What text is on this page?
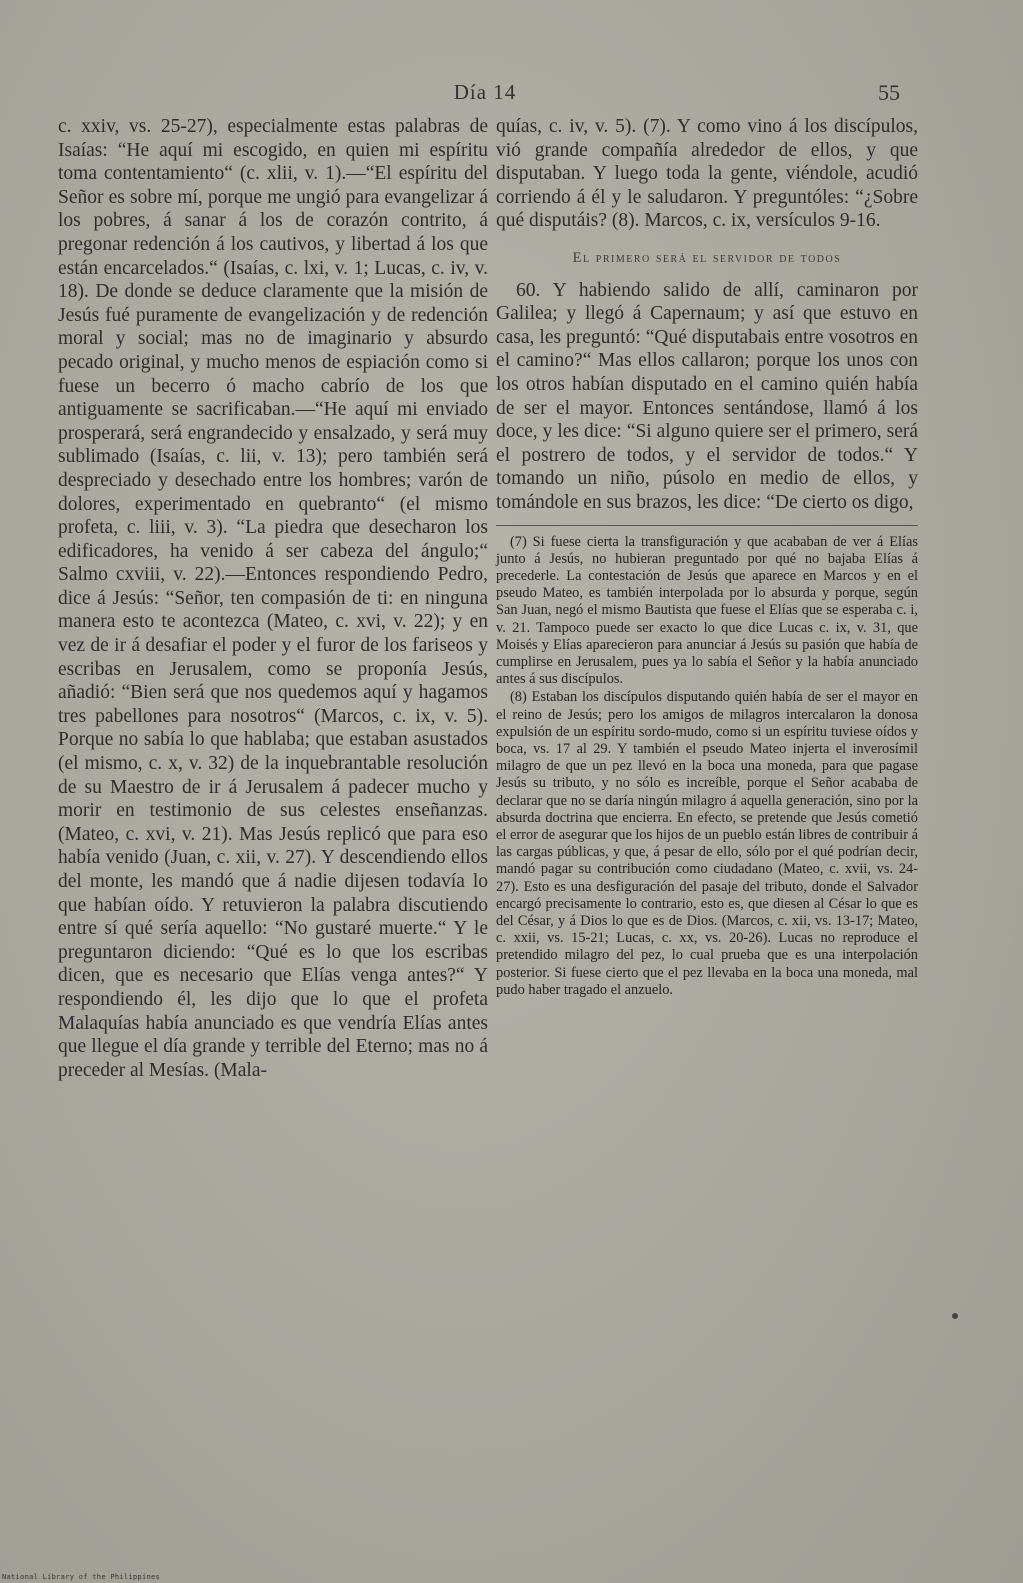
Día 14	55

c. xxiv, vs. 25-27), especialmente estas palabras de Isaías: “He aquí mi escogido, en quien mi espíritu toma contentamiento“ (c. xlii, v. 1).—“El espíritu del Señor es sobre mí, porque me ungió para evangelizar á los pobres, á sanar á los de corazón contrito, á pregonar redención á los cautivos, y libertad á los que están encarcelados.“ (Isaías, c. lxi, v. 1; Lucas, c. iv, v. 18). De donde se deduce claramente que la misión de Jesús fué puramente de evangelización y de redención moral y social; mas no de imaginario y absurdo pecado original, y mucho menos de espiación como si fuese un becerro ó macho cabrío de los que antiguamente se sacrificaban.—“He aquí mi enviado prosperará, será engrandecido y ensalzado, y será muy sublimado (Isaías, c. lii, v. 13); pero también será despreciado y desechado entre los hombres; varón de dolores, experimentado en quebranto“ (el mismo profeta, c. liii, v. 3). “La piedra que desecharon los edificadores, ha venido á ser cabeza del ángulo;“ Salmo cxviii, v. 22).—Entonces respondiendo Pedro, dice á Jesús: “Señor, ten compasión de ti: en ninguna manera esto te acontezca (Mateo, c. xvi, v. 22); y en vez de ir á desafiar el poder y el furor de los fariseos y escribas en Jerusalem, como se proponía Jesús, añadió: “Bien será que nos quedemos aquí y hagamos tres pabellones para nosotros“ (Marcos, c. ix, v. 5). Porque no sabía lo que hablaba; que estaban asustados (el mismo, c. x, v. 32) de la inquebrantable resolución de su Maestro de ir á Jerusalem á padecer mucho y morir en testimonio de sus celestes enseñanzas. (Mateo, c. xvi, v. 21). Mas Jesús replicó que para eso había venido (Juan, c. xii, v. 27). Y descendiendo ellos del monte, les mandó que á nadie dijesen todavía lo que habían oído. Y retuvieron la palabra discutiendo entre sí qué sería aquello: “No gustaré muerte.“ Y le preguntaron diciendo: “Qué es lo que los escribas dicen, que es necesario que Elías venga antes?“ Y respondiendo él, les dijo que lo que el profeta Malaquías había anunciado es que vendría Elías antes que llegue el día grande y terrible del Eterno; mas no á preceder al Mesías. (Mala-

quías, c. iv, v. 5). (7). Y como vino á los discípulos, vió grande compañía alrededor de ellos, y que disputaban. Y luego toda la gente, viéndole, acudió corriendo á él y le saludaron. Y preguntóles: “¿Sobre qué disputáis? (8). Marcos, c. ix, versículos 9-16.

El primero será el servidor de todos

60. Y habiendo salido de allí, caminaron por Galilea; y llegó á Capernaum; y así que estuvo en casa, les preguntó: “Qué disputabais entre vosotros en el camino?“ Mas ellos callaron; porque los unos con los otros habían disputado en el camino quién había de ser el mayor. Entonces sentándose, llamó á los doce, y les dice: “Si alguno quiere ser el primero, será el postrero de todos, y el servidor de todos.“ Y tomando un niño, púsolo en medio de ellos, y tomándole en sus brazos, les dice: “De cierto os digo,

(7) Si fuese cierta la transfiguración y que acababan de ver á Elías junto á Jesús, no hubieran preguntado por qué no bajaba Elías á precederle. La contestación de Jesús que aparece en Marcos y en el pseudo Mateo, es también interpolada por lo absurda y porque, según San Juan, negó el mismo Bautista que fuese el Elías que se esperaba c. i, v. 21. Tampoco puede ser exacto lo que dice Lucas c. ix, v. 31, que Moisés y Elías aparecieron para anunciar á Jesús su pasión que había de cumplirse en Jerusalem, pues ya lo sabía el Señor y la había anunciado antes á sus discípulos.

(8) Estaban los discípulos disputando quién había de ser el mayor en el reino de Jesús; pero los amigos de milagros intercalaron la donosa expulsión de un espíritu sordo-mudo, como si un espíritu tuviese oídos y boca, vs. 17 al 29. Y también el pseudo Mateo injerta el inverosímil milagro de que un pez llevó en la boca una moneda, para que pagase Jesús su tributo, y no sólo es increíble, porque el Señor acababa de declarar que no se daría ningún milagro á aquella generación, sino por la absurda doctrina que encierra. En efecto, se pretende que Jesús cometió el error de asegurar que los hijos de un pueblo están libres de contribuir á las cargas públicas, y que, á pesar de ello, sólo por el qué podrían decir, mandó pagar su contribución como ciudadano (Mateo, c. xvii, vs. 24-27). Esto es una desfiguración del pasaje del tributo, donde el Salvador encargó precisamente lo contrario, esto es, que diesen al César lo que es del César, y á Dios lo que es de Dios. (Marcos, c. xii, vs. 13-17; Mateo, c. xxii, vs. 15-21; Lucas, c. xx, vs. 20-26). Lucas no reproduce el pretendido milagro del pez, lo cual prueba que es una interpolación posterior. Si fuese cierto que el pez llevaba en la boca una moneda, mal pudo haber tragado el anzuelo.

National Library of the Philippines
